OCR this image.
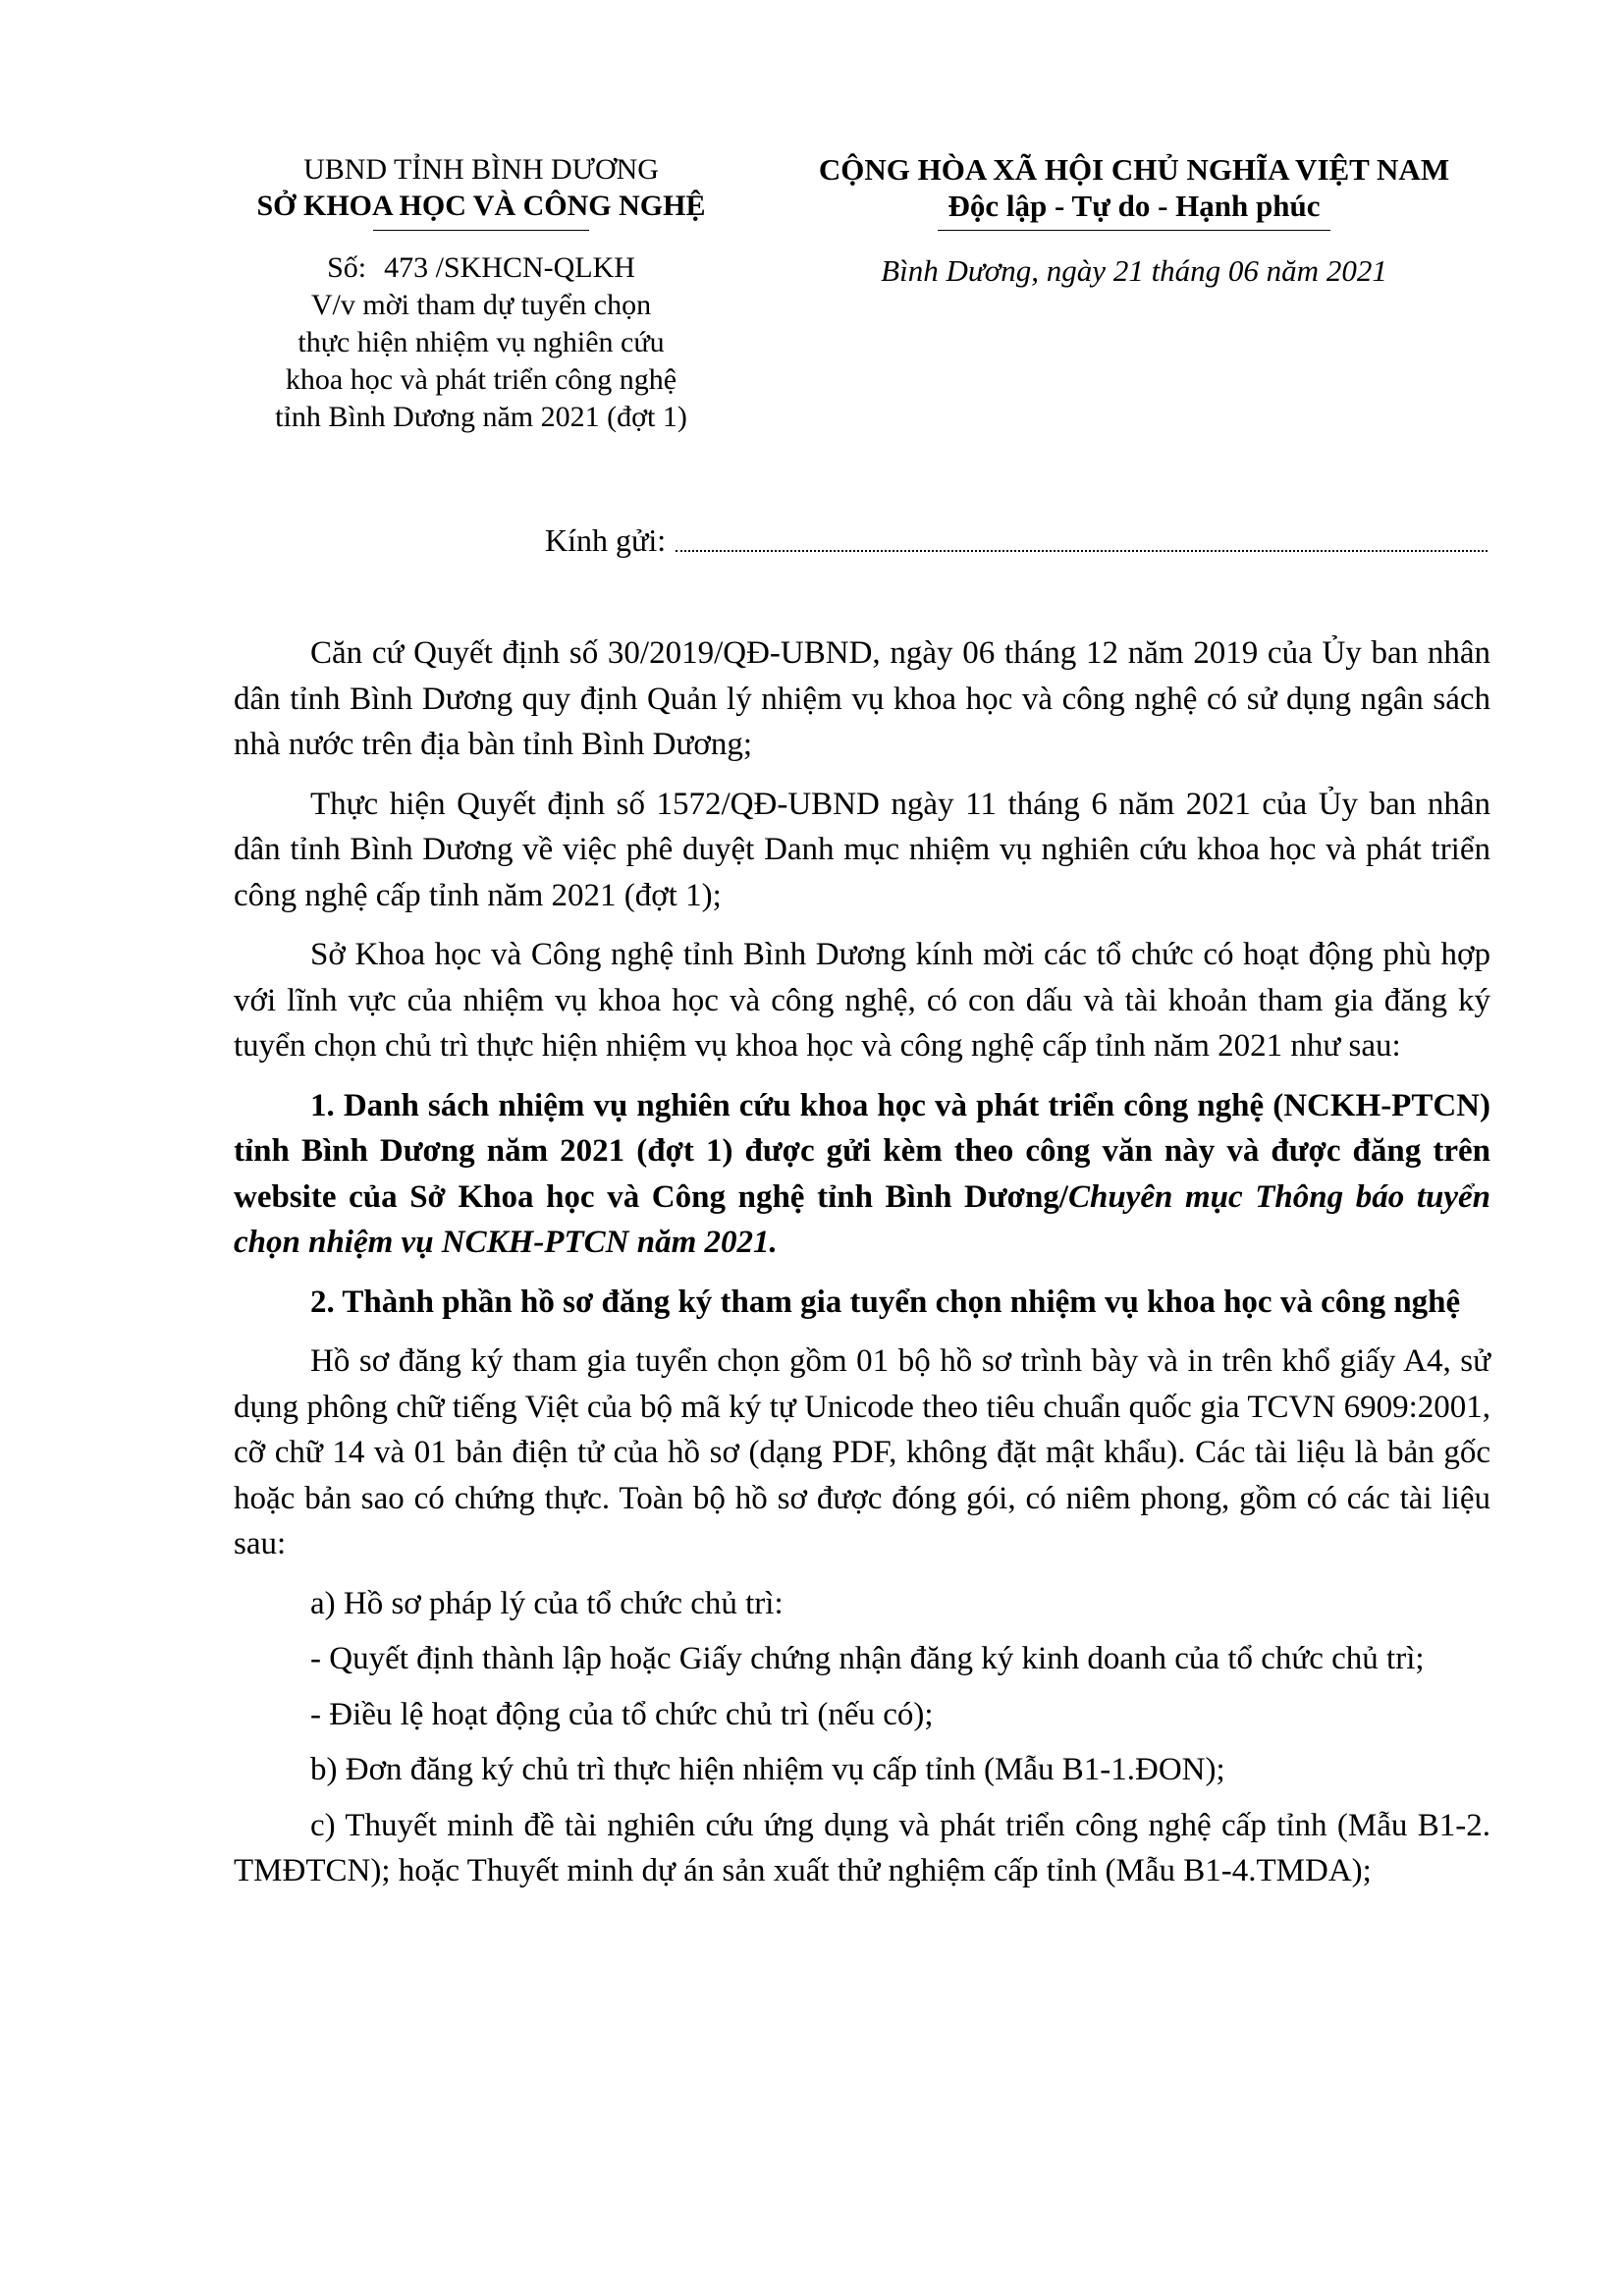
UBND TỈNH BÌNH DƯƠNG
SỞ KHOA HỌC VÀ CÔNG NGHỆ
Số: 473 /SKHCN-QLKH
V/v mời tham dự tuyển chọn
thực hiện nhiệm vụ nghiên cứu
khoa học và phát triển công nghệ
tỉnh Bình Dương năm 2021 (đợt 1)
CỘNG HÒA XÃ HỘI CHỦ NGHĨA VIỆT NAM
Độc lập - Tự do - Hạnh phúc
Bình Dương, ngày 21 tháng 06 năm 2021
Kính gửi:

Căn cứ Quyết định số 30/2019/QĐ-UBND, ngày 06 tháng 12 năm 2019 của Ủy ban nhân dân tỉnh Bình Dương quy định Quản lý nhiệm vụ khoa học và công nghệ có sử dụng ngân sách nhà nước trên địa bàn tỉnh Bình Dương;

Thực hiện Quyết định số 1572/QĐ-UBND ngày 11 tháng 6 năm 2021 của Ủy ban nhân dân tỉnh Bình Dương về việc phê duyệt Danh mục nhiệm vụ nghiên cứu khoa học và phát triển công nghệ cấp tỉnh năm 2021 (đợt 1);

Sở Khoa học và Công nghệ tỉnh Bình Dương kính mời các tổ chức có hoạt động phù hợp với lĩnh vực của nhiệm vụ khoa học và công nghệ, có con dấu và tài khoản tham gia đăng ký tuyển chọn chủ trì thực hiện nhiệm vụ khoa học và công nghệ cấp tỉnh năm 2021 như sau:

1. Danh sách nhiệm vụ nghiên cứu khoa học và phát triển công nghệ (NCKH-PTCN) tỉnh Bình Dương năm 2021 (đợt 1) được gửi kèm theo công văn này và được đăng trên website của Sở Khoa học và Công nghệ tỉnh Bình Dương/Chuyên mục Thông báo tuyển chọn nhiệm vụ NCKH-PTCN năm 2021.

2. Thành phần hồ sơ đăng ký tham gia tuyển chọn nhiệm vụ khoa học và công nghệ

Hồ sơ đăng ký tham gia tuyển chọn gồm 01 bộ hồ sơ trình bày và in trên khổ giấy A4, sử dụng phông chữ tiếng Việt của bộ mã ký tự Unicode theo tiêu chuẩn quốc gia TCVN 6909:2001, cỡ chữ 14 và 01 bản điện tử của hồ sơ (dạng PDF, không đặt mật khẩu). Các tài liệu là bản gốc hoặc bản sao có chứng thực. Toàn bộ hồ sơ được đóng gói, có niêm phong, gồm có các tài liệu sau:

a) Hồ sơ pháp lý của tổ chức chủ trì:

- Quyết định thành lập hoặc Giấy chứng nhận đăng ký kinh doanh của tổ chức chủ trì;

- Điều lệ hoạt động của tổ chức chủ trì (nếu có);

b) Đơn đăng ký chủ trì thực hiện nhiệm vụ cấp tỉnh (Mẫu B1-1.ĐON);

c) Thuyết minh đề tài nghiên cứu ứng dụng và phát triển công nghệ cấp tỉnh (Mẫu B1-2. TMĐTCN); hoặc Thuyết minh dự án sản xuất thử nghiệm cấp tỉnh (Mẫu B1-4.TMDA);
